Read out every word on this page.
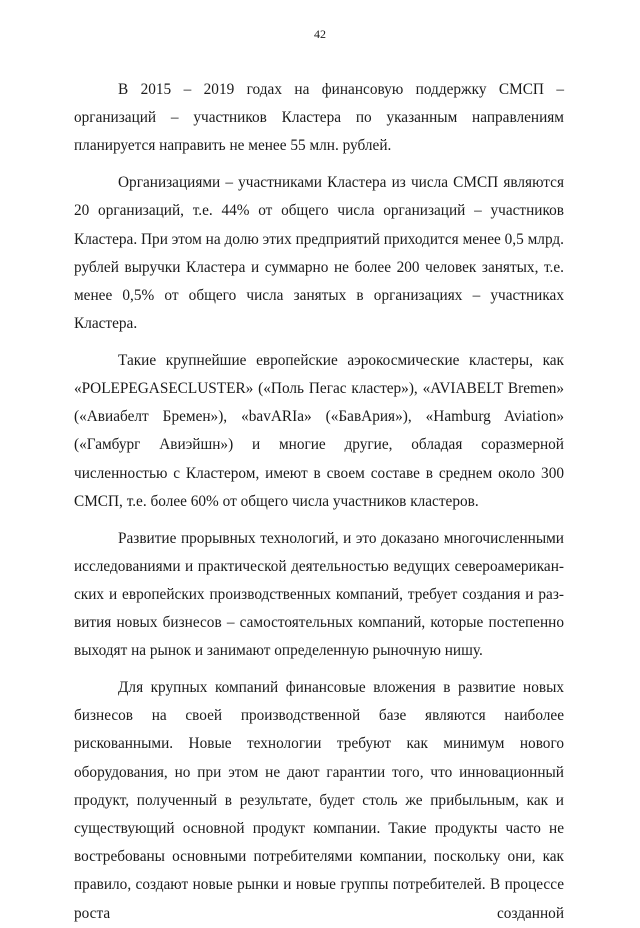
42

В 2015 – 2019 годах на финансовую поддержку СМСП – организаций – участников Кластера по указанным направлениям планируется направить не менее 55 млн. рублей.

Организациями – участниками Кластера из числа СМСП являются 20 организаций, т.е. 44% от общего числа организаций – участников Кластера. При этом на долю этих предприятий приходится менее 0,5 млрд. рублей выручки Кластера и суммарно не более 200 человек занятых, т.е. менее 0,5% от общего числа занятых в организациях – участниках Кластера.

Такие крупнейшие европейские аэрокосмические кластеры, как «POLEPEGASECLUSTER» («Поль Пегас кластер»), «AVIABELT Bremen» («Авиабелт Бремен»), «bavARIa» («БавАрия»), «Hamburg Aviation» («Гамбург Авиэйшн») и многие другие, обладая соразмерной численностью с Кластером, имеют в своем составе в среднем около 300 СМСП, т.е. более 60% от общего числа участников кластеров.

Развитие прорывных технологий, и это доказано многочисленными исследованиями и практической деятельностью ведущих североамериканских и европейских производственных компаний, требует создания и развития новых бизнесов – самостоятельных компаний, которые постепенно выходят на рынок и занимают определенную рыночную нишу.

Для крупных компаний финансовые вложения в развитие новых бизнесов на своей производственной базе являются наиболее рискованными. Новые технологии требуют как минимум нового оборудования, но при этом не дают гарантии того, что инновационный продукт, полученный в результате, будет столь же прибыльным, как и существующий основной продукт компании. Такие продукты часто не востребованы основными потребителями компании, поскольку они, как правило, создают новые рынки и новые группы потребителей. В процессе роста созданной
